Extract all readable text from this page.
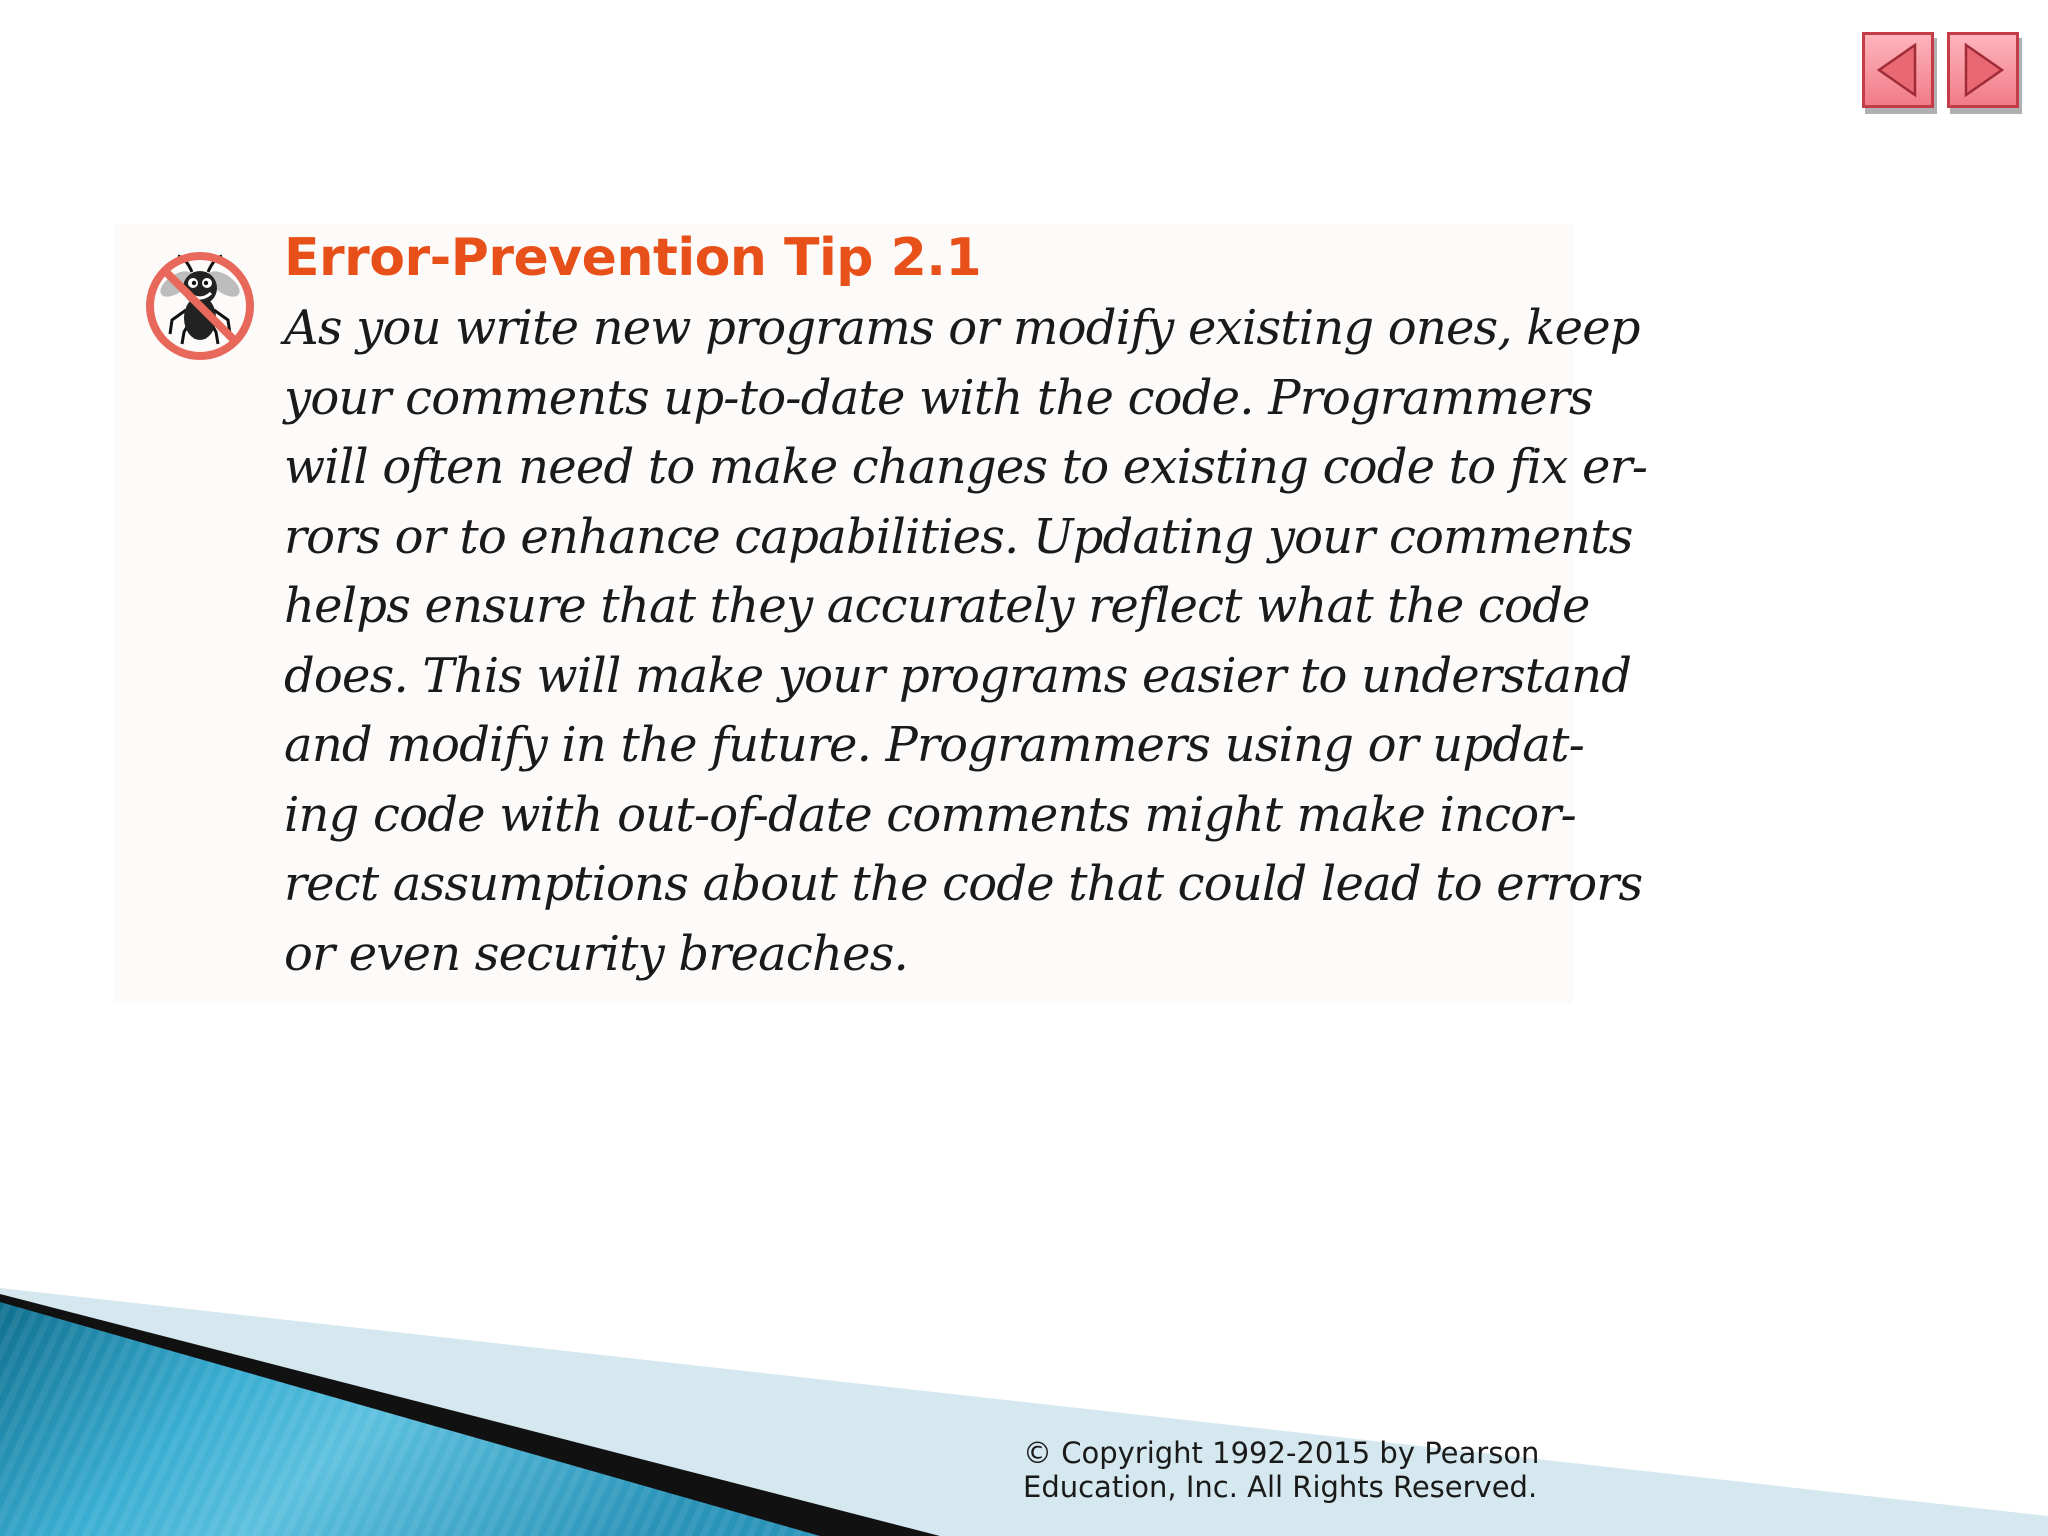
Error-Prevention Tip 2.1

As you write new programs or modify existing ones, keep
your comments up-to-date with the code. Programmers
will often need to make changes to existing code to fix er-
rors or to enhance capabilities. Updating your comments
helps ensure that they accurately reflect what the code
does. This will make your programs easier to understand
and modify in the future. Programmers using or updat-
ing code with out-of-date comments might make incor-
rect assumptions about the code that could lead to errors
or even security breaches.

© Copyright 1992-2015 by Pearson
Education, Inc. All Rights Reserved.
